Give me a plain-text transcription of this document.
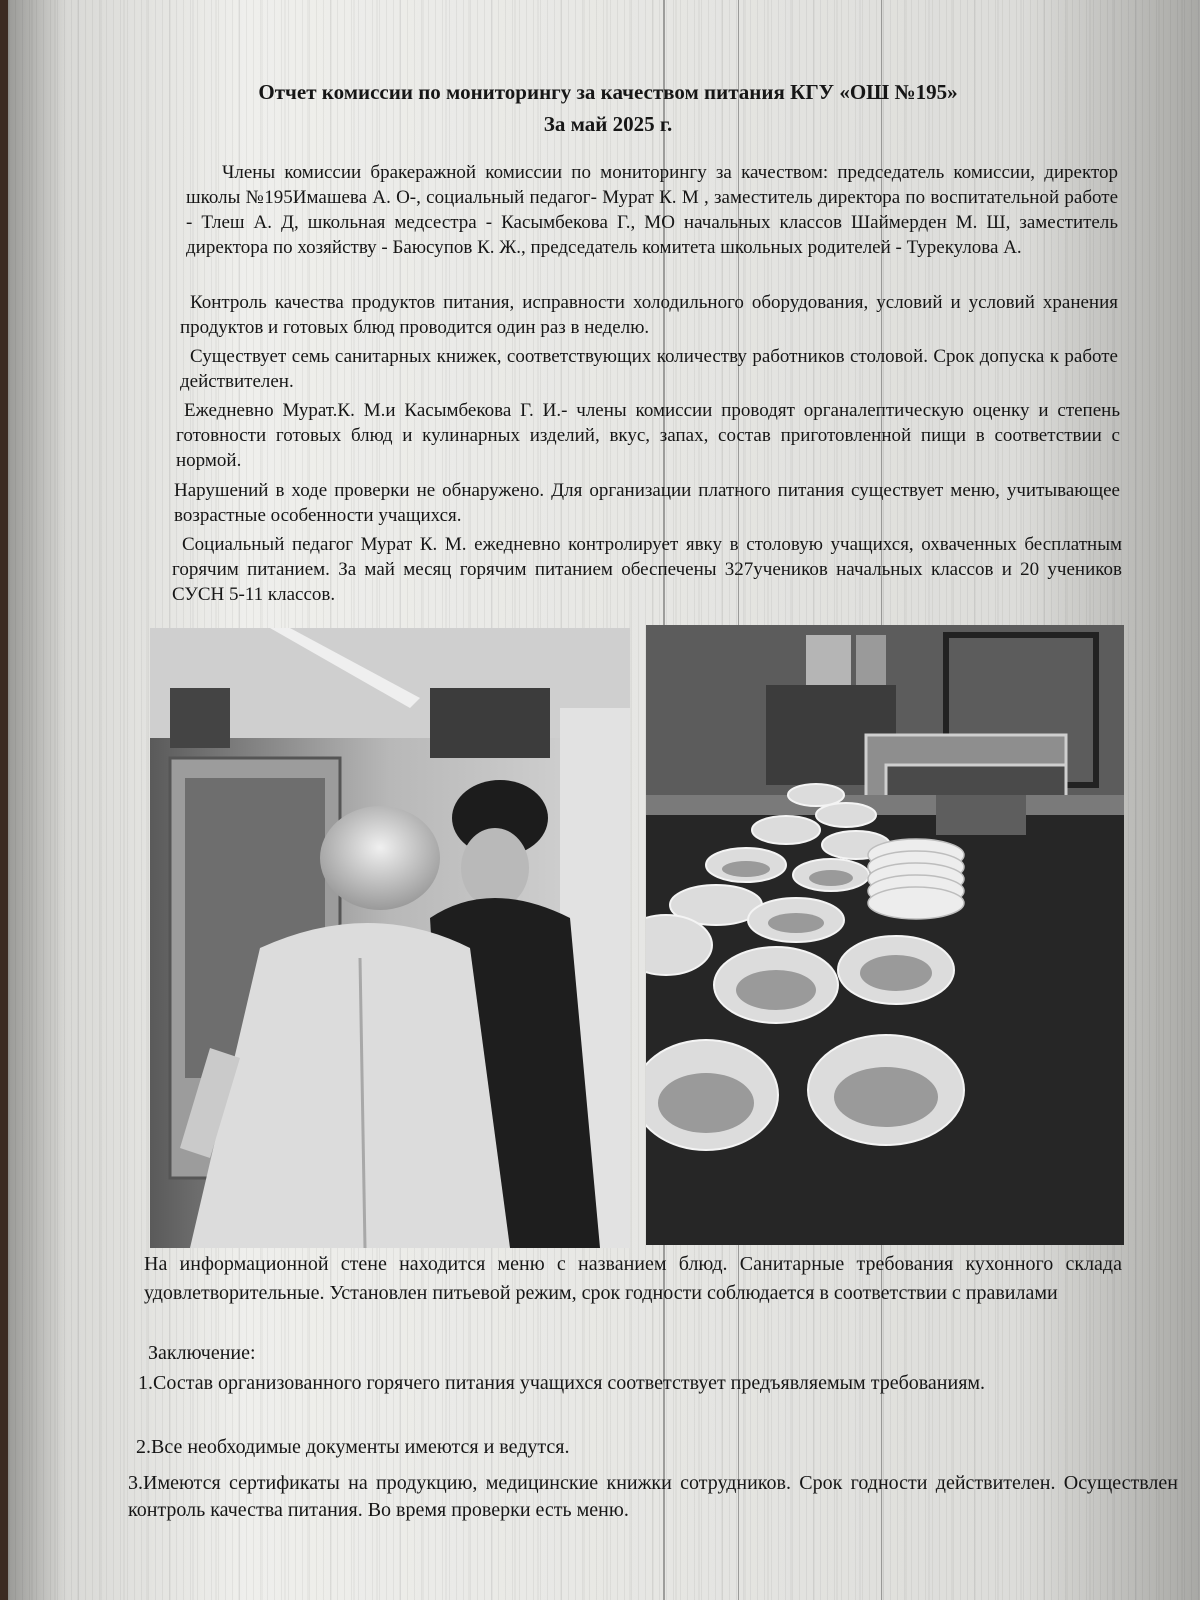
Отчет комиссии по мониторингу за качеством питания КГУ «ОШ №195»
За май 2025 г.
Члены комиссии бракеражной комиссии по мониторингу за качеством: председатель комиссии, директор школы №195Имашева А. О-, социальный педагог- Мурат К. М , заместитель директора по воспитательной работе - Тлеш А. Д, школьная медсестра - Касымбекова Г., МО начальных классов Шаймерден М. Ш, заместитель директора по хозяйству - Баюсупов К. Ж., председатель комитета школьных родителей - Турекулова А.
Контроль качества продуктов питания, исправности холодильного оборудования, условий и условий хранения продуктов и готовых блюд проводится один раз в неделю.
Существует семь санитарных книжек, соответствующих количеству работников столовой. Срок допуска к работе действителен.
Ежедневно Мурат.К. М.и Касымбекова Г. И.- члены комиссии проводят органалептическую оценку и степень готовности готовых блюд и кулинарных изделий, вкус, запах, состав приготовленной пищи в соответствии с нормой.
Нарушений в ходе проверки не обнаружено. Для организации платного питания существует меню, учитывающее возрастные особенности учащихся.
Социальный педагог Мурат К. М. ежедневно контролирует явку в столовую учащихся, охваченных бесплатным горячим питанием. За май месяц горячим питанием обеспечены 327учеников начальных классов и 20 учеников СУСН 5-11 классов.
На информационной стене находится меню с названием блюд. Санитарные требования кухонного склада удовлетворительные. Установлен питьевой режим, срок годности соблюдается в соответствии с правилами
Заключение:
1.Состав организованного горячего питания учащихся соответствует предъявляемым требованиям.
2.Все необходимые документы имеются и ведутся.
3.Имеются сертификаты на продукцию, медицинские книжки сотрудников. Срок годности действителен. Осуществлен контроль качества питания. Во время проверки есть меню.
